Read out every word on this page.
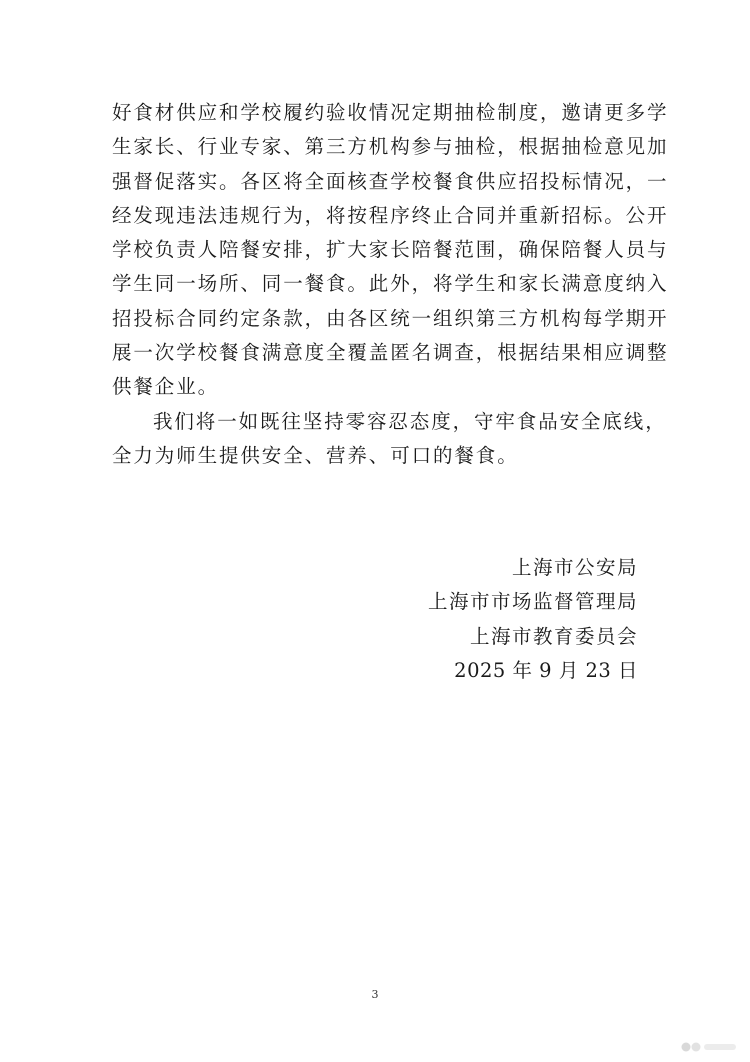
好食材供应和学校履约验收情况定期抽检制度，邀请更多学
生家长、行业专家、第三方机构参与抽检，根据抽检意见加
强督促落实。各区将全面核查学校餐食供应招投标情况，一
经发现违法违规行为，将按程序终止合同并重新招标。公开
学校负责人陪餐安排，扩大家长陪餐范围，确保陪餐人员与
学生同一场所、同一餐食。此外，将学生和家长满意度纳入
招投标合同约定条款，由各区统一组织第三方机构每学期开
展一次学校餐食满意度全覆盖匿名调查，根据结果相应调整
供餐企业。
我们将一如既往坚持零容忍态度，守牢食品安全底线，
全力为师生提供安全、营养、可口的餐食。
上海市公安局
上海市市场监督管理局
上海市教育委员会
2025 年 9 月 23 日
3
